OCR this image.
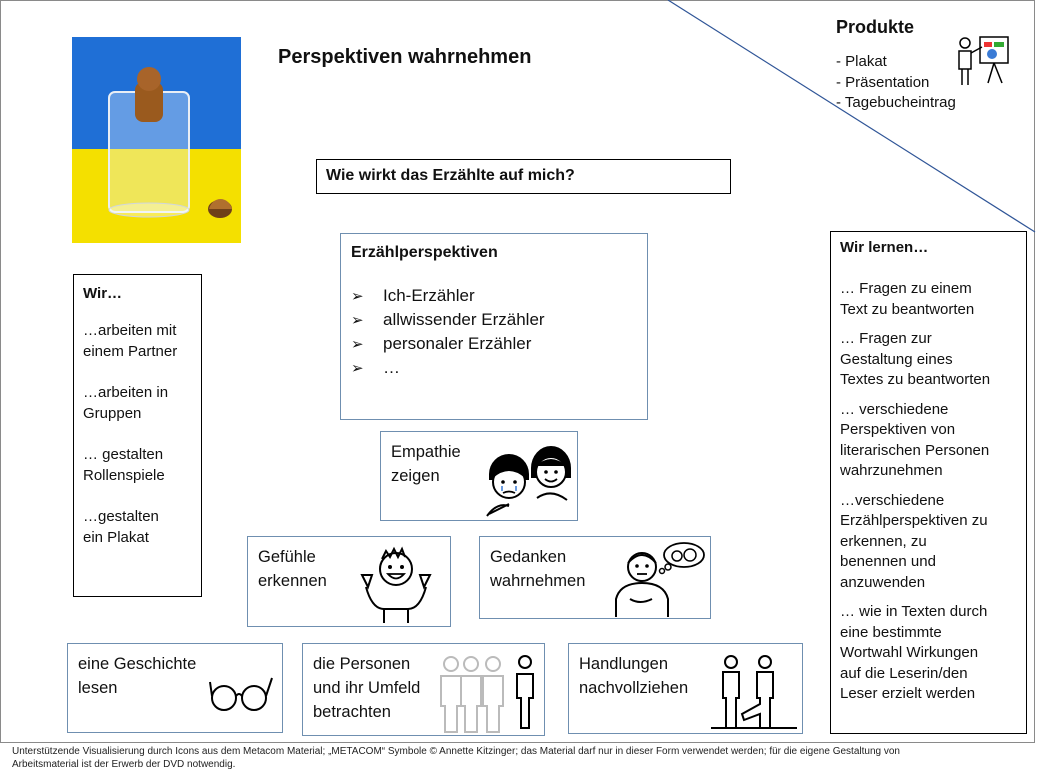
Perspektiven wahrnehmen
Produkte
- Plakat
- Präsentation
- Tagebucheintrag
Wie wirkt das Erzählte auf mich?
Erzählperspektiven
➢	Ich-Erzähler
➢	allwissender Erzähler
➢	personaler Erzähler
➢	…
Wir…
…arbeiten mit
einem Partner
…arbeiten in
Gruppen
… gestalten
Rollenspiele
…gestalten
ein Plakat
Wir lernen…
… Fragen zu einem
Text zu beantworten
… Fragen zur
Gestaltung eines
Textes zu beantworten
… verschiedene
Perspektiven von
literarischen Personen
wahrzunehmen
…verschiedene
Erzählperspektiven zu
erkennen, zu
benennen und
anzuwenden
… wie in Texten durch
eine bestimmte
Wortwahl Wirkungen
auf die Leserin/den
Leser erzielt werden
Empathie
zeigen
Gefühle
erkennen
Gedanken
wahrnehmen
eine Geschichte
lesen
die Personen
und ihr Umfeld
betrachten
Handlungen
nachvollziehen
Unterstützende Visualisierung durch Icons aus dem Metacom Material; „METACOM“ Symbole © Annette Kitzinger; das Material darf nur in dieser Form verwendet werden; für die eigene Gestaltung von
Arbeitsmaterial ist der Erwerb der DVD notwendig.
